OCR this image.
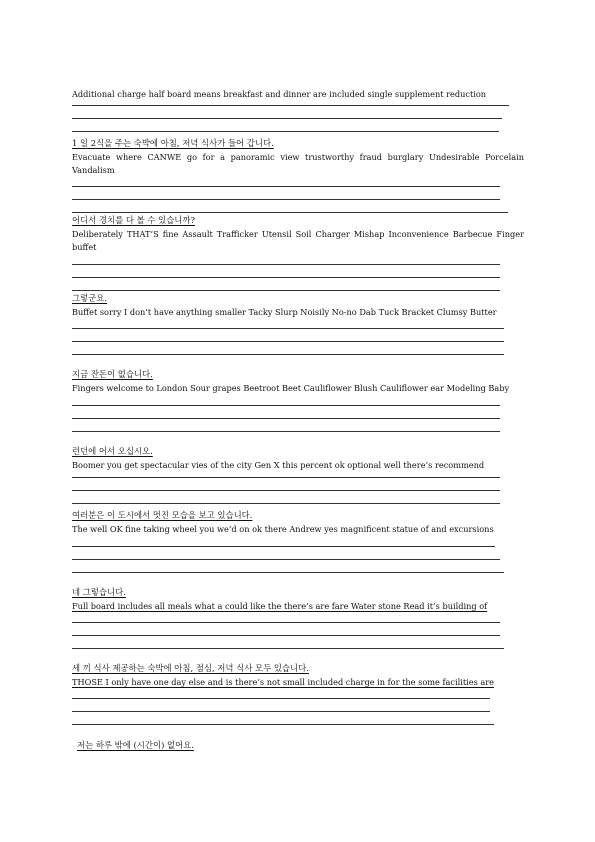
Additional charge half board means breakfast and dinner are included single supplement reduction
1 일 2식을 주는 숙박에 아침, 저녁 식사가 들어 갑니다.
Evacuate where CANWE go for a panoramic view trustworthy fraud burglary Undesirable Porcelain Vandalism
어디서 경치를 다 볼 수 있습니까?
Deliberately THAT’S fine Assault Trafficker Utensil Soil Charger Mishap Inconvenience Barbecue Finger buffet
그렇군요.
Buffet sorry I don’t have anything smaller Tacky Slurp Noisily No-no Dab Tuck Bracket Clumsy Butter
지금 잔돈이 없습니다.
Fingers welcome to London Sour grapes Beetroot Beet Cauliflower Blush Cauliflower ear Modeling Baby
런던에 어서 오십시오.
Boomer you get spectacular vies of the city Gen X this percent ok optional well there’s recommend
여러분은 이 도시에서 멋진 모습을 보고 있습니다.
The well OK fine taking wheel you we’d on ok there Andrew yes magnificent statue of and excursions
네 그렇습니다.
Full board includes all meals what a could like the there’s are fare Water stone Read it’s building of
세 끼 식사 제공하는 숙박에 아침, 점심, 저녁 식사 모두 있습니다.
THOSE I only have one day else and is there’s not small included charge in for the some facilities are
저는 하루 밖에 (시간이) 없어요.
